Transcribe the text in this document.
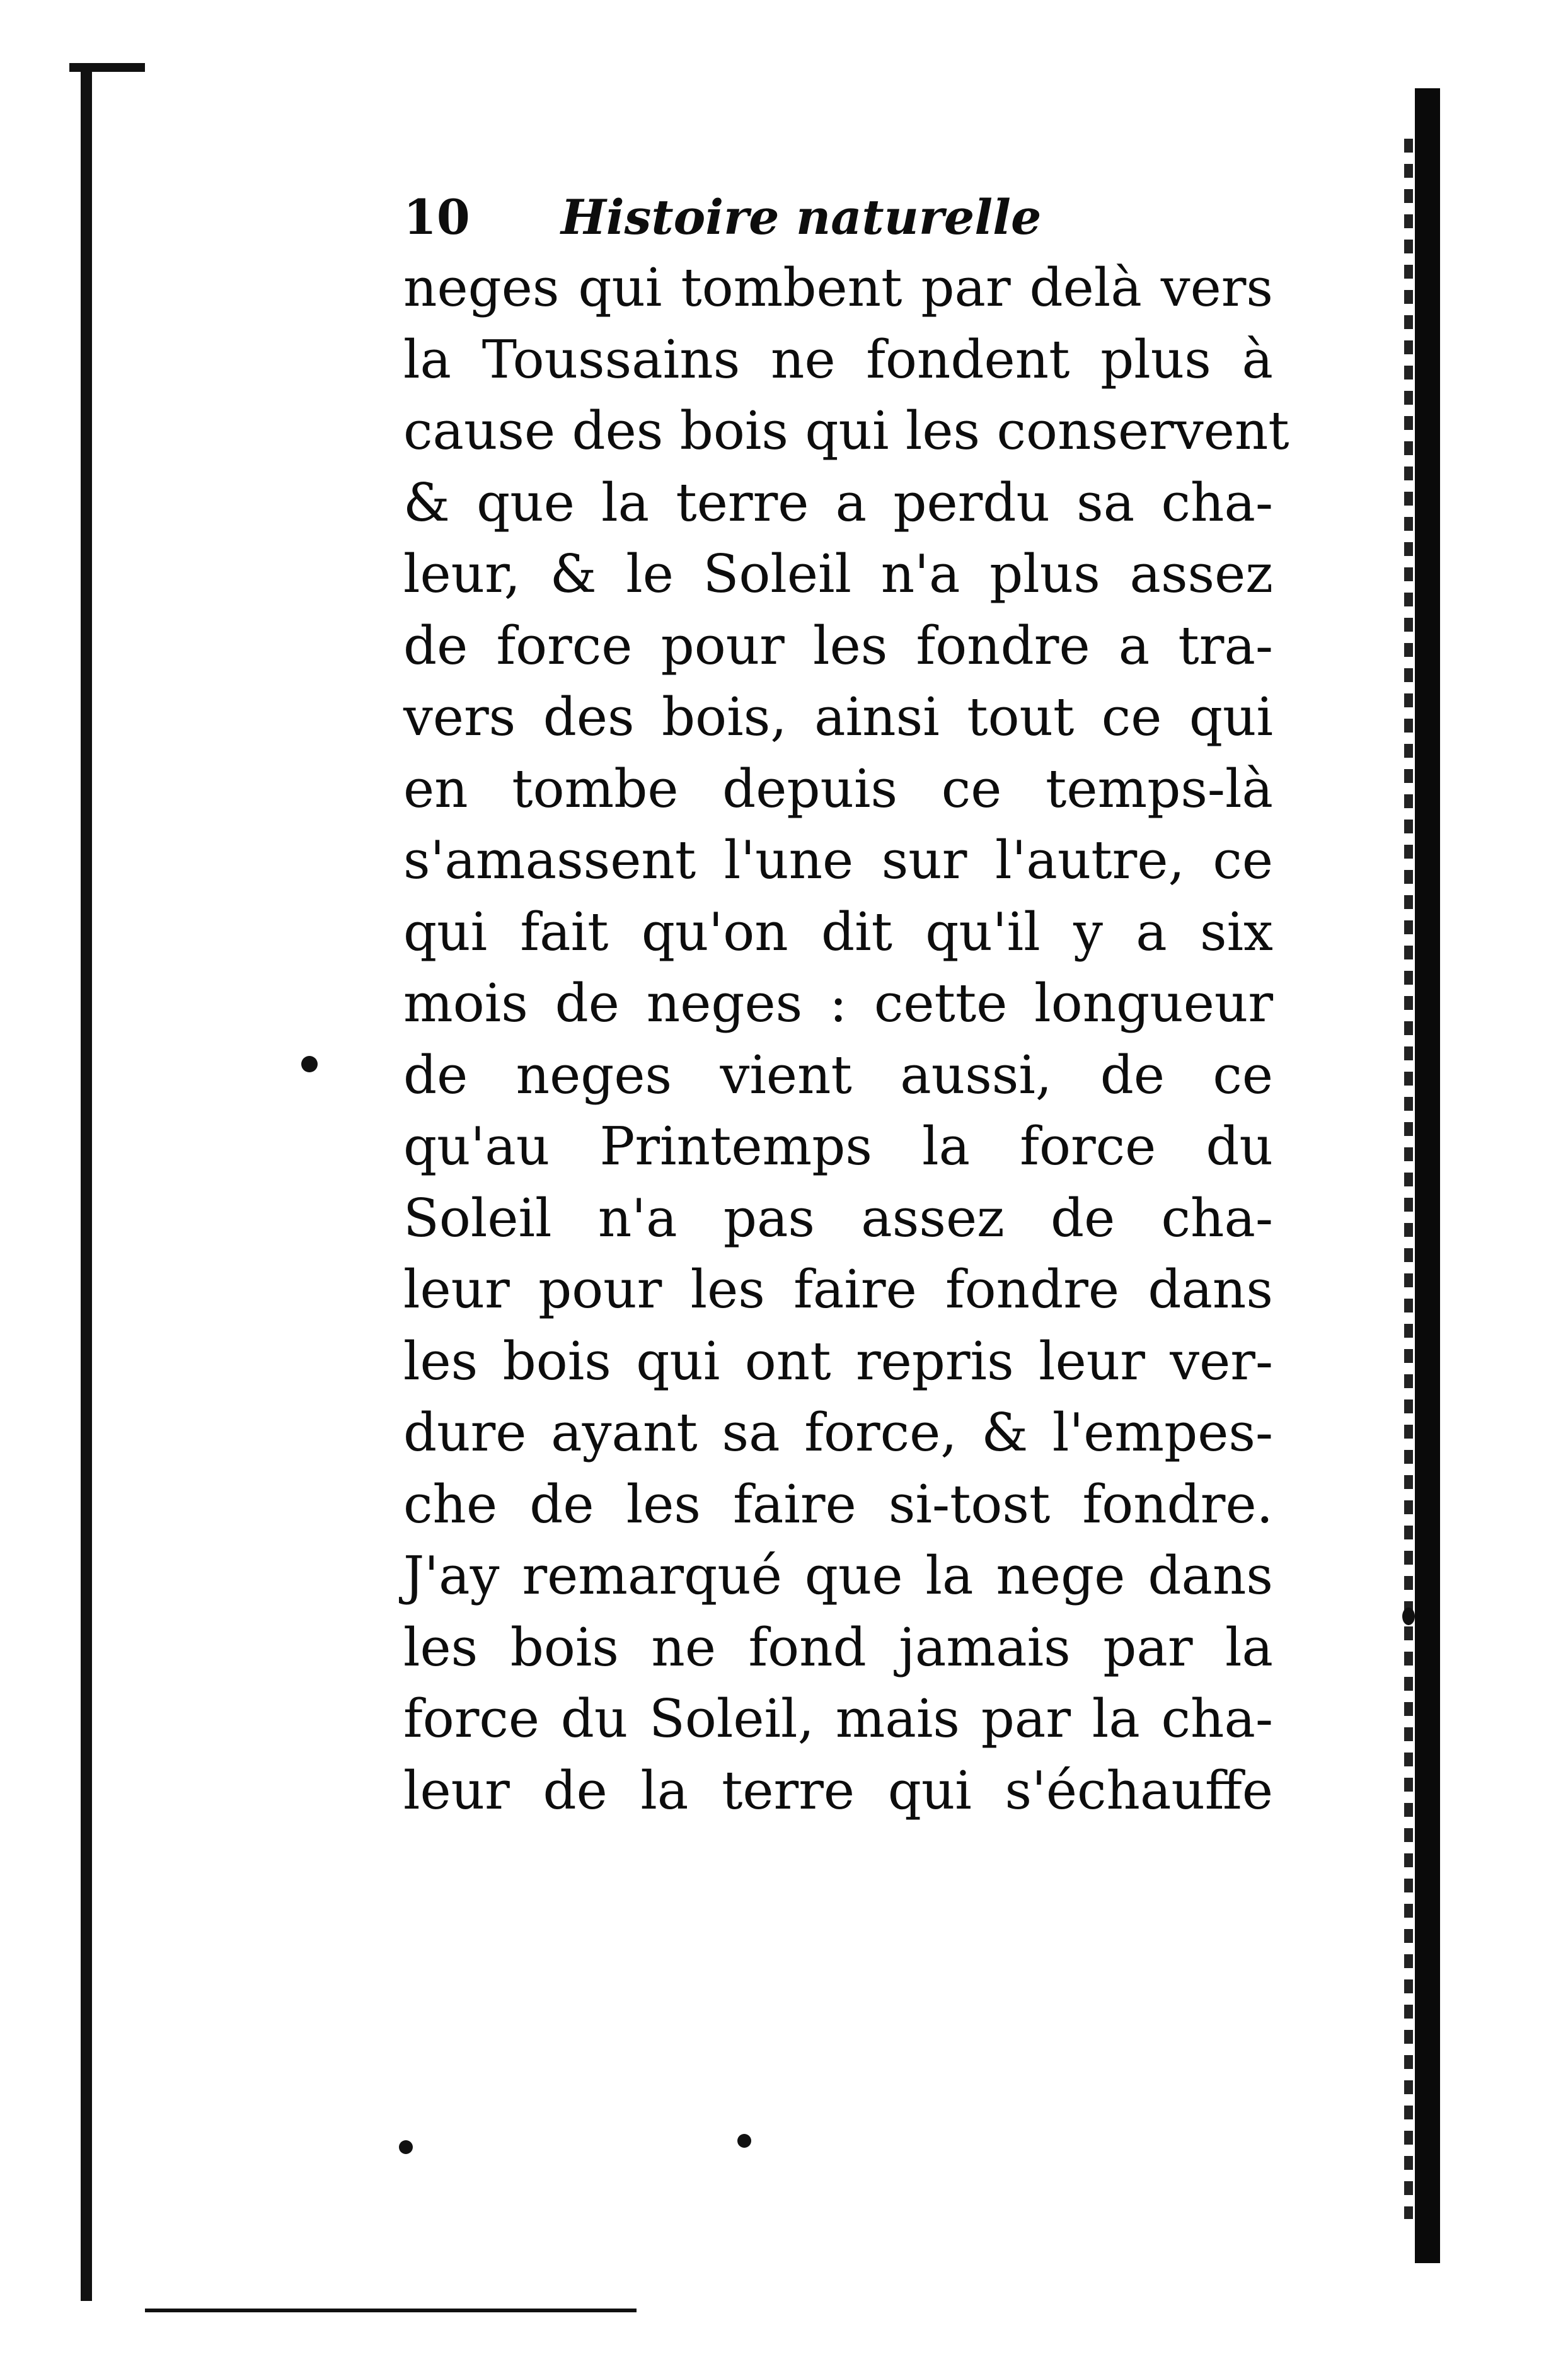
10 Histoire naturelle
neges qui tombent par delà vers
la Toussains ne fondent plus à
cause des bois qui les conservent
& que la terre a perdu sa cha-
leur, & le Soleil n'a plus assez
de force pour les fondre a tra-
vers des bois, ainsi tout ce qui
en tombe depuis ce temps-là
s'amassent l'une sur l'autre, ce
qui fait qu'on dit qu'il y a six
mois de neges : cette longueur
de neges vient aussi, de ce
qu'au Printemps la force du
Soleil n'a pas assez de cha-
leur pour les faire fondre dans
les bois qui ont repris leur ver-
dure ayant sa force, & l'empes-
che de les faire si-tost fondre.
J'ay remarqué que la nege dans
les bois ne fond jamais par la
force du Soleil, mais par la cha-
leur de la terre qui s'échauffe
